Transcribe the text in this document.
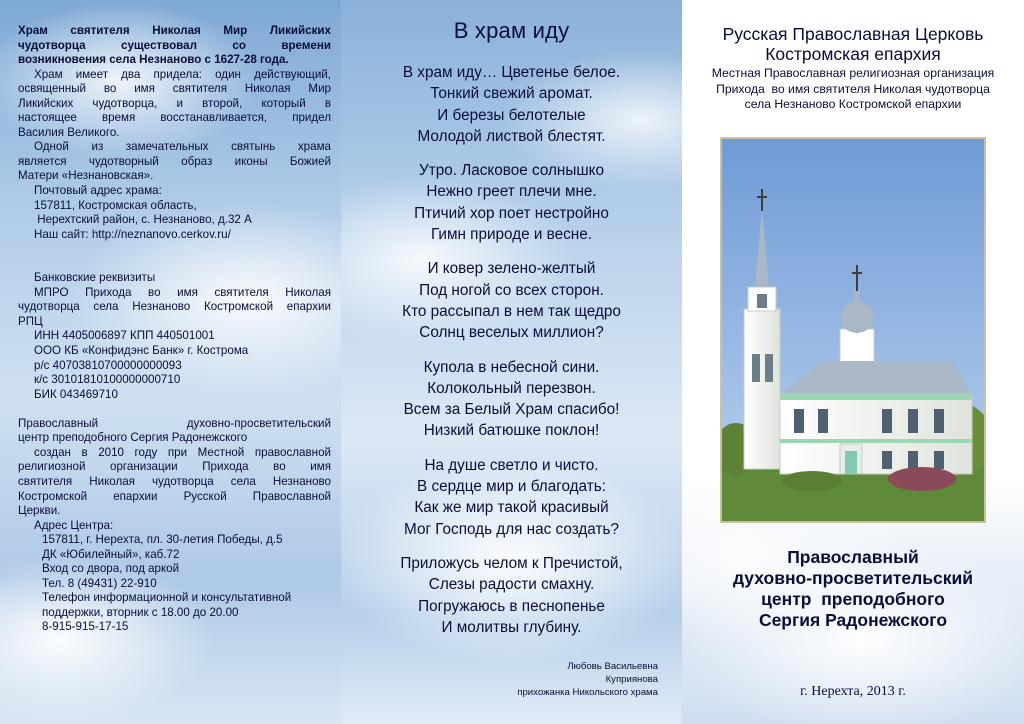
Храм святителя Николая Мир Ликийских

чудотворца существовал со времени

возникновения села Незнаново с 1627-28 года.

Храм имеет два придела: один действующий,

освященный во имя святителя Николая Мир

Ликийских чудотворца, и второй, который в

настоящее время восстанавливается, придел

Василия Великого.

Одной из замечательных святынь храма

является чудотворный образ иконы Божией

Матери «Незнановская».

Почтовый адрес храма:

157811, Костромская область,

Нерехтский район, с. Незнаново, д.32 А

Наш сайт: http://neznanovo.cerkov.ru/

Банковские реквизиты

МПРО Прихода во имя святителя Николая

чудотворца села Незнаново Костромской епархии

РПЦ

ИНН 4405006897 КПП 440501001

ООО КБ «Конфидэнс Банк» г. Кострома

р/с 40703810700000000093

к/с 30101810100000000710

БИК 043469710

Православный духовно-просветительский

центр преподобного Сергия Радонежского

создан в 2010 году при Местной православной

религиозной организации Прихода во имя

святителя Николая чудотворца села Незнаново

Костромской епархии Русской Православной

Церкви.

Адрес Центра:

157811, г. Нерехта, пл. 30-летия Победы, д.5

ДК «Юбилейный», каб.72

Вход со двора, под аркой

Тел. 8 (49431) 22-910

Телефон информационной и консультативной

поддержки, вторник с 18.00 до 20.00

8-915-915-17-15

В храм иду
В храм иду… Цветенье белое.
Тонкий свежий аромат.
И березы белотелые
Молодой листвой блестят.
Утро. Ласковое солнышко
Нежно греет плечи мне.
Птичий хор поет нестройно
Гимн природе и весне.
И ковер зелено-желтый
Под ногой со всех сторон.
Кто рассыпал в нем так щедро
Солнц веселых миллион?
Купола в небесной сини.
Колокольный перезвон.
Всем за Белый Храм спасибо!
Низкий батюшке поклон!
На душе светло и чисто.
В сердце мир и благодать:
Как же мир такой красивый
Мог Господь для нас создать?
Приложусь челом к Пречистой,
Слезы радости смахну.
Погружаюсь в песнопенье
И молитвы глубину.
Любовь Васильевна
Куприянова
прихожанка Никольского храма
Русская Православная Церковь
Костромская епархия
Местная Православная религиозная организация
Прихода  во имя святителя Николая чудотворца
села Незнаново Костромской епархии
Православный
духовно-просветительский
центр  преподобного
Сергия Радонежского
г. Нерехта, 2013 г.
